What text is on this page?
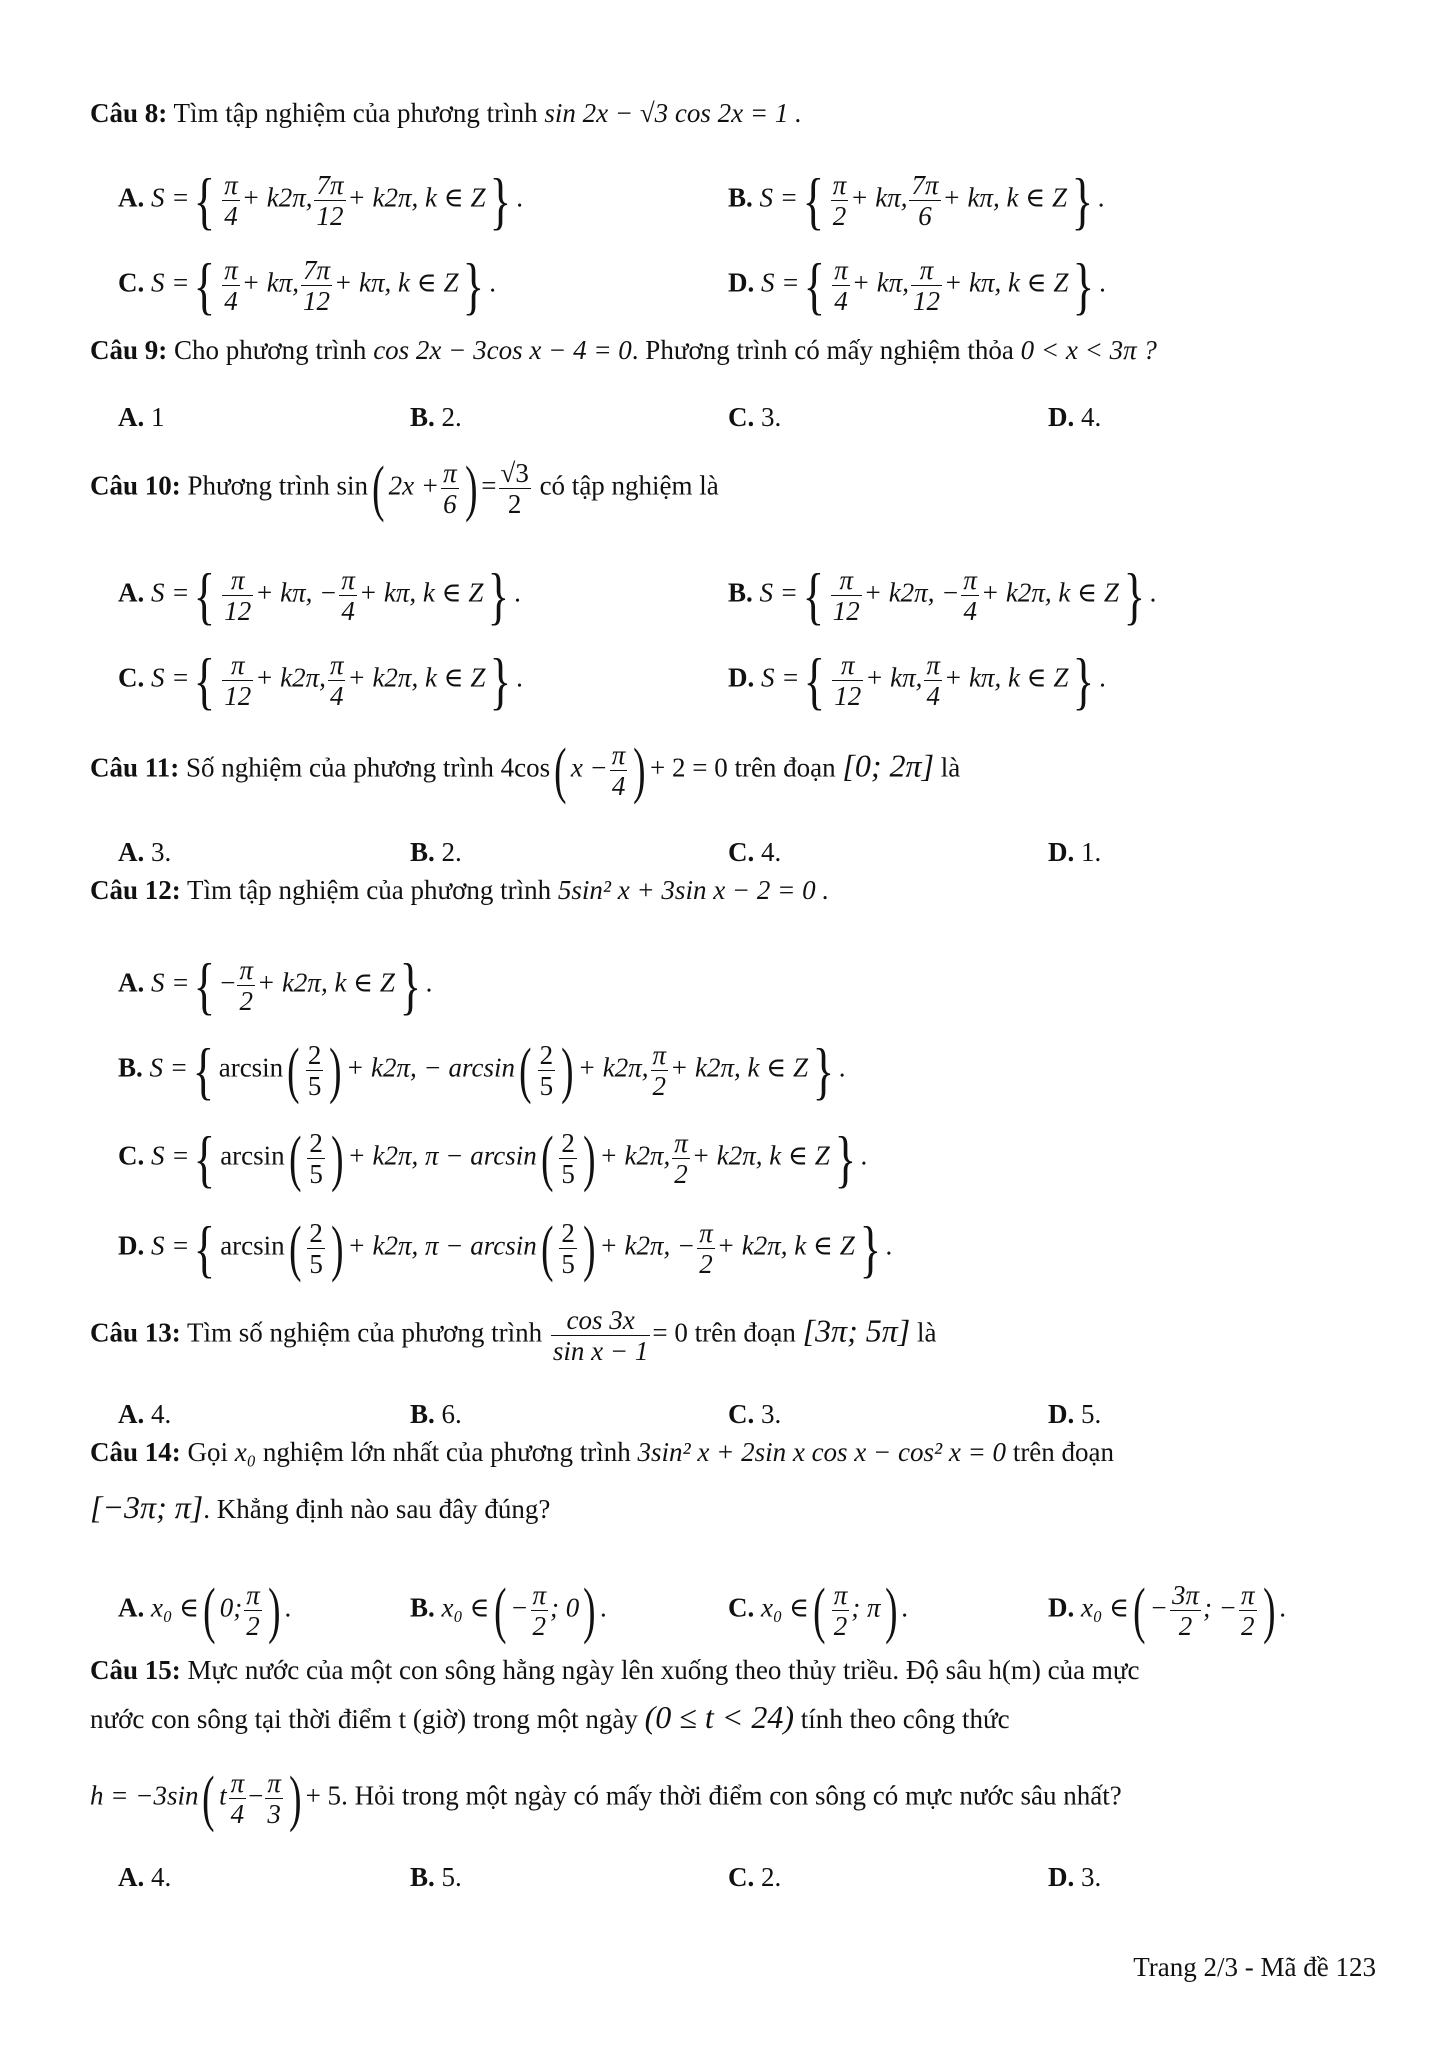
Câu 8: Tìm tập nghiệm của phương trình sin 2x − √3 cos 2x = 1 .
A. S ={ $\frac{\pi}{4} + k2\pi$, $\frac{7\pi}{12} + k2\pi$, k ∈ Z} .	B. S ={ $\frac{\pi}{2} + k\pi$, $\frac{7\pi}{6} + k\pi$, k ∈ Z} .
C. S ={ $\frac{\pi}{4} + k\pi$, $\frac{7\pi}{12} + k\pi$, k ∈ Z} .	D. S ={ $\frac{\pi}{4} + k\pi$, $\frac{\pi}{12} + k\pi$, k ∈ Z} .
Câu 9: Cho phương trình cos 2x − 3cos x − 4 = 0. Phương trình có mấy nghiệm thỏa 0 < x < 3π ?
A. 1	B. 2.	C. 3.	D. 4.
Câu 10: Phương trình sin( $2x + \frac{\pi}{6}$ ) = $\frac{√3}{2}$ có tập nghiệm là
A. S ={ $\frac{\pi}{12} + k\pi$, − $\frac{\pi}{4} + k\pi$, k ∈ Z} .	B. S ={ $\frac{\pi}{12} + k2\pi$, − $\frac{\pi}{4} + k2\pi$, k ∈ Z} .
C. S ={ $\frac{\pi}{12} + k2\pi$, $\frac{\pi}{4} + k2\pi$, k ∈ Z} .	D. S ={ $\frac{\pi}{12} + k\pi$, $\frac{\pi}{4} + k\pi$, k ∈ Z} .
Câu 11: Số nghiệm của phương trình 4cos( $x - \frac{\pi}{4}$ ) + 2 = 0 trên đoạn [0; 2π] là
A. 3.	B. 2.	C. 4.	D. 1.
Câu 12: Tìm tập nghiệm của phương trình 5sin² x + 3sin x − 2 = 0 .
A. S ={ − $\frac{\pi}{2} + k2\pi$, k ∈ Z} .
B. S ={ $\arcsin( \frac{2}{5}$ ) + k2π, − $\arcsin( \frac{2}{5}$ ) + k2π, $\frac{\pi}{2} + k2\pi$, k ∈ Z} .
C. S ={ $\arcsin( \frac{2}{5}$ ) + k2π, $\pi - \arcsin( \frac{2}{5}$ ) + k2π, $\frac{\pi}{2} + k2\pi$, k ∈ Z} .
D. S ={ $\arcsin( \frac{2}{5}$ ) + k2π, $\pi - \arcsin( \frac{2}{5}$ ) + k2π, − $\frac{\pi}{2} + k2\pi$, k ∈ Z} .
Câu 13: Tìm số nghiệm của phương trình $\frac{\cos 3x}{\text{sin x − 1}} = 0$ trên đoạn [3π; 5π] là
A. 4.	B. 6.	C. 3.	D. 5.
Câu 14: Gọi x₀ nghiệm lớn nhất của phương trình 3sin² x + 2sin x cos x − cos² x = 0 trên đoạn
[−3π; π]. Khẳng định nào sau đây đúng?
A. x₀ ∈( 0; $\frac{\pi}{2}$ ) .	B. x₀ ∈( − $\frac{\pi}{2}$ ; 0) .	C. x₀ ∈( $\frac{\pi}{2}$ ; π) .	D. x₀ ∈( − $\frac{3\pi}{2}$ ; − $\frac{\pi}{2}$ ) .
Câu 15: Mực nước của một con sông hằng ngày lên xuống theo thủy triều. Độ sâu h(m) của mực
nước con sông tại thời điểm t (giờ) trong một ngày (0 ≤ t < 24) tính theo công thức
h = −3sin( t $\frac{\pi}{4} - \frac{\pi}{3}$ ) + 5. Hỏi trong một ngày có mấy thời điểm con sông có mực nước sâu nhất?
A. 4.	B. 5.	C. 2.	D. 3.
Trang 2/3 - Mã đề 123
